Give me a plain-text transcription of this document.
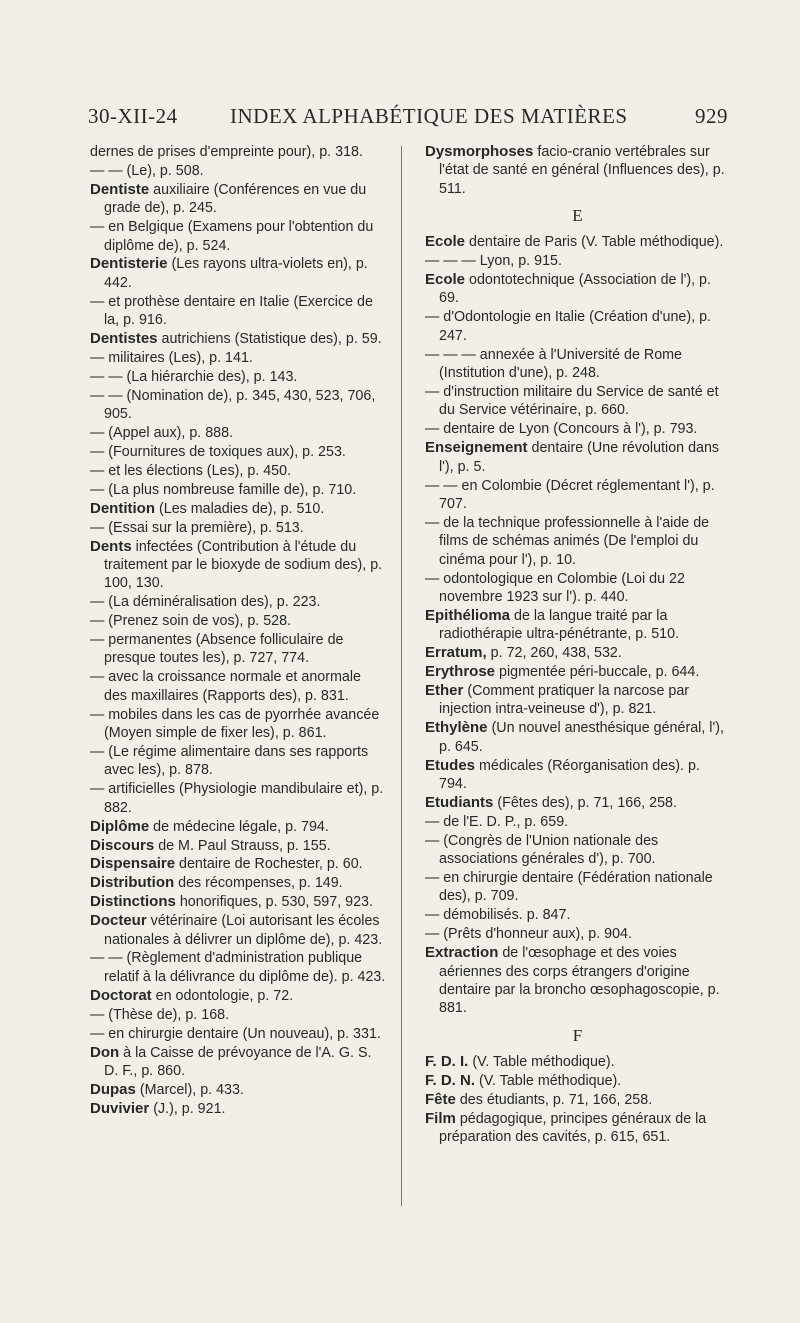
30-XII-24 INDEX ALPHABÉTIQUE DES MATIÈRES	929
dernes de prises d'empreinte pour), p. 318.
— — (Le), p. 508.
Dentiste auxiliaire (Conférences en vue du grade de), p. 245.
— en Belgique (Examens pour l'obtention du diplôme de), p. 524.
Dentisterie (Les rayons ultra-violets en), p. 442.
— et prothèse dentaire en Italie (Exercice de la, p. 916.
Dentistes autrichiens (Statistique des), p. 59.
— militaires (Les), p. 141.
— — (La hiérarchie des), p. 143.
— — (Nomination de), p. 345, 430, 523, 706, 905.
— (Appel aux), p. 888.
— (Fournitures de toxiques aux), p. 253.
— et les élections (Les), p. 450.
— (La plus nombreuse famille de), p. 710.
Dentition (Les maladies de), p. 510.
— (Essai sur la première), p. 513.
Dents infectées (Contribution à l'étude du traitement par le bioxyde de sodium des), p. 100, 130.
— (La déminéralisation des), p. 223.
— (Prenez soin de vos), p. 528.
— permanentes (Absence folliculaire de presque toutes les), p. 727, 774.
— avec la croissance normale et anormale des maxillaires (Rapports des), p. 831.
— mobiles dans les cas de pyorrhée avancée (Moyen simple de fixer les), p. 861.
— (Le régime alimentaire dans ses rapports avec les), p. 878.
— artificielles (Physiologie mandibulaire et), p. 882.
Diplôme de médecine légale, p. 794.
Discours de M. Paul Strauss, p. 155.
Dispensaire dentaire de Rochester, p. 60.
Distribution des récompenses, p. 149.
Distinctions honorifiques, p. 530, 597, 923.
Docteur vétérinaire (Loi autorisant les écoles nationales à délivrer un diplôme de), p. 423.
— — (Règlement d'administration publique relatif à la délivrance du diplôme de). p. 423.
Doctorat en odontologie, p. 72.
— (Thèse de), p. 168.
— en chirurgie dentaire (Un nouveau), p. 331.
Don à la Caisse de prévoyance de l'A. G. S. D. F., p. 860.
Dupas (Marcel), p. 433.
Duvivier (J.), p. 921.
Dysmorphoses facio-cranio vertébrales sur l'état de santé en général (Influences des), p. 511.
E
Ecole dentaire de Paris (V. Table méthodique).
— — — Lyon, p. 915.
Ecole odontotechnique (Association de l'), p. 69.
— d'Odontologie en Italie (Création d'une), p. 247.
— — — annexée à l'Université de Rome (Institution d'une), p. 248.
— d'instruction militaire du Service de santé et du Service vétérinaire, p. 660.
— dentaire de Lyon (Concours à l'), p. 793.
Enseignement dentaire (Une révolution dans l'), p. 5.
— — en Colombie (Décret réglementant l'), p. 707.
— de la technique professionnelle à l'aide de films de schémas animés (De l'emploi du cinéma pour l'), p. 10.
— odontologique en Colombie (Loi du 22 novembre 1923 sur l'). p. 440.
Epithélioma de la langue traité par la radiothérapie ultra-pénétrante, p. 510.
Erratum, p. 72, 260, 438, 532.
Erythrose pigmentée péri-buccale, p. 644.
Ether (Comment pratiquer la narcose par injection intra-veineuse d'), p. 821.
Ethylène (Un nouvel anesthésique général, l'), p. 645.
Etudes médicales (Réorganisation des). p. 794.
Etudiants (Fêtes des), p. 71, 166, 258.
— de l'E. D. P., p. 659.
— (Congrès de l'Union nationale des associations générales d'), p. 700.
— en chirurgie dentaire (Fédération nationale des), p. 709.
— démobilisés. p. 847.
— (Prêts d'honneur aux), p. 904.
Extraction de l'œsophage et des voies aériennes des corps étrangers d'origine dentaire par la broncho œsophagoscopie, p. 881.
F
F. D. I. (V. Table méthodique).
F. D. N. (V. Table méthodique).
Fête des étudiants, p. 71, 166, 258.
Film pédagogique, principes généraux de la préparation des cavités, p. 615, 651.
